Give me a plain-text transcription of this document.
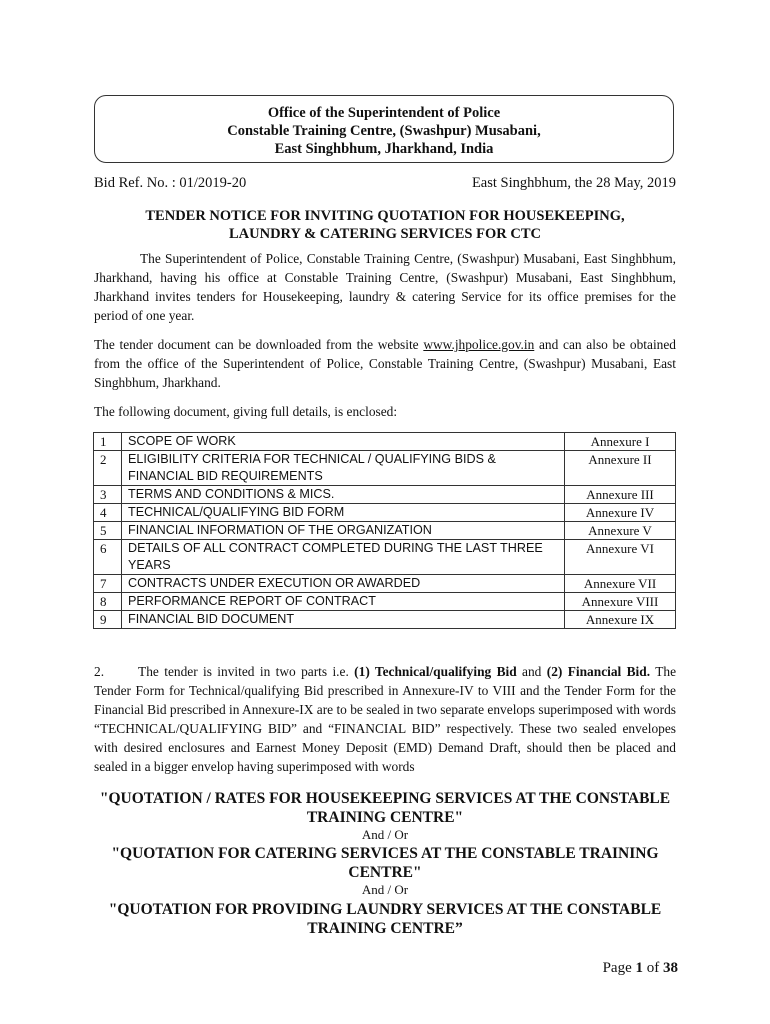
Office of the Superintendent of Police
Constable Training Centre, (Swashpur) Musabani,
East Singhbhum, Jharkhand, India
Bid Ref. No. : 01/2019-20	East Singhbhum, the 28 May, 2019
TENDER NOTICE FOR INVITING QUOTATION FOR HOUSEKEEPING,
LAUNDRY & CATERING SERVICES FOR CTC
The Superintendent of Police, Constable Training Centre, (Swashpur) Musabani, East Singhbhum, Jharkhand, having his office at Constable Training Centre, (Swashpur) Musabani, East Singhbhum, Jharkhand invites tenders for Housekeeping, laundry & catering Service for its office premises for the period of one year.
The tender document can be downloaded from the website www.jhpolice.gov.in and can also be obtained from the office of the Superintendent of Police, Constable Training Centre, (Swashpur) Musabani, East Singhbhum, Jharkhand.
The following document, giving full details, is enclosed:
1	SCOPE OF WORK	Annexure I
2	ELIGIBILITY CRITERIA FOR TECHNICAL / QUALIFYING BIDS & FINANCIAL BID REQUIREMENTS	Annexure II
3	TERMS AND CONDITIONS & MICS.	Annexure III
4	TECHNICAL/QUALIFYING BID FORM	Annexure IV
5	FINANCIAL INFORMATION OF THE ORGANIZATION	Annexure V
6	DETAILS OF ALL CONTRACT COMPLETED DURING THE LAST THREE YEARS	Annexure VI
7	CONTRACTS UNDER EXECUTION OR AWARDED	Annexure VII
8	PERFORMANCE REPORT OF CONTRACT	Annexure VIII
9	FINANCIAL BID DOCUMENT	Annexure IX
2.	The tender is invited in two parts i.e. (1) Technical/qualifying Bid and (2) Financial Bid. The Tender Form for Technical/qualifying Bid prescribed in Annexure-IV to VIII and the Tender Form for the Financial Bid prescribed in Annexure-IX are to be sealed in two separate envelops superimposed with words “TECHNICAL/QUALIFYING BID” and “FINANCIAL BID” respectively. These two sealed envelopes with desired enclosures and Earnest Money Deposit (EMD) Demand Draft, should then be placed and sealed in a bigger envelop having superimposed with words
"QUOTATION / RATES FOR HOUSEKEEPING SERVICES AT THE CONSTABLE TRAINING CENTRE"
And / Or
"QUOTATION FOR CATERING SERVICES AT THE CONSTABLE TRAINING CENTRE"
And / Or
"QUOTATION FOR PROVIDING LAUNDRY SERVICES AT THE CONSTABLE TRAINING CENTRE”
Page 1 of 38
